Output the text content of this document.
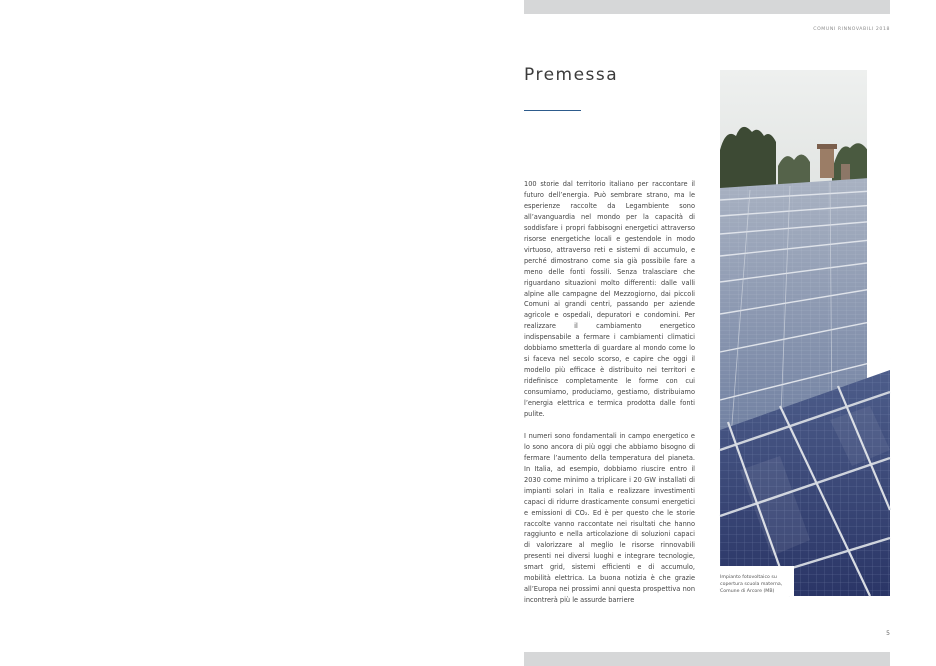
COMUNI RINNOVABILI 2018
Premessa

100 storie dal territorio italiano per raccontare il futuro dell’energia. Può sembrare strano, ma le esperienze raccolte da Legambiente sono all’avanguardia nel mondo per la capacità di soddisfare i propri fabbisogni energetici attraverso risorse energetiche locali e gestendole in modo virtuoso, attraverso reti e sistemi di accumulo, e perché dimostrano come sia già possibile fare a meno delle fonti fossili. Senza tralasciare che riguardano situazioni molto differenti: dalle valli alpine alle campagne del Mezzogiorno, dai piccoli Comuni ai grandi centri, passando per aziende agricole e ospedali, depuratori e condomini. Per realizzare il cambiamento energetico indispensabile a fermare i cambiamenti climatici dobbiamo smetterla di guardare al mondo come lo si faceva nel secolo scorso, e capire che oggi il modello più efficace è distribuito nei territori e ridefinisce completamente le forme con cui consumiamo, produciamo, gestiamo, distribuiamo l’energia elettrica e termica prodotta dalle fonti pulite.

I numeri sono fondamentali in campo energetico e lo sono ancora di più oggi che abbiamo bisogno di fermare l’aumento della temperatura del pianeta. In Italia, ad esempio, dobbiamo riuscire entro il 2030 come minimo a triplicare i 20 GW installati di impianti solari in Italia e realizzare investimenti capaci di ridurre drasticamente consumi energetici e emissioni di CO₂. Ed è per questo che le storie raccolte vanno raccontate nei risultati che hanno raggiunto e nella articolazione di soluzioni capaci di valorizzare al meglio le risorse rinnovabili presenti nei diversi luoghi e integrare tecnologie, smart grid, sistemi efficienti e di accumulo, mobilità elettrica. La buona notizia è che grazie all’Europa nei prossimi anni questa prospettiva non incontrerà più le assurde barriere

Impianto fotovoltaico su
copertura scuola materna,
Comune di Arcore (MB)
5
